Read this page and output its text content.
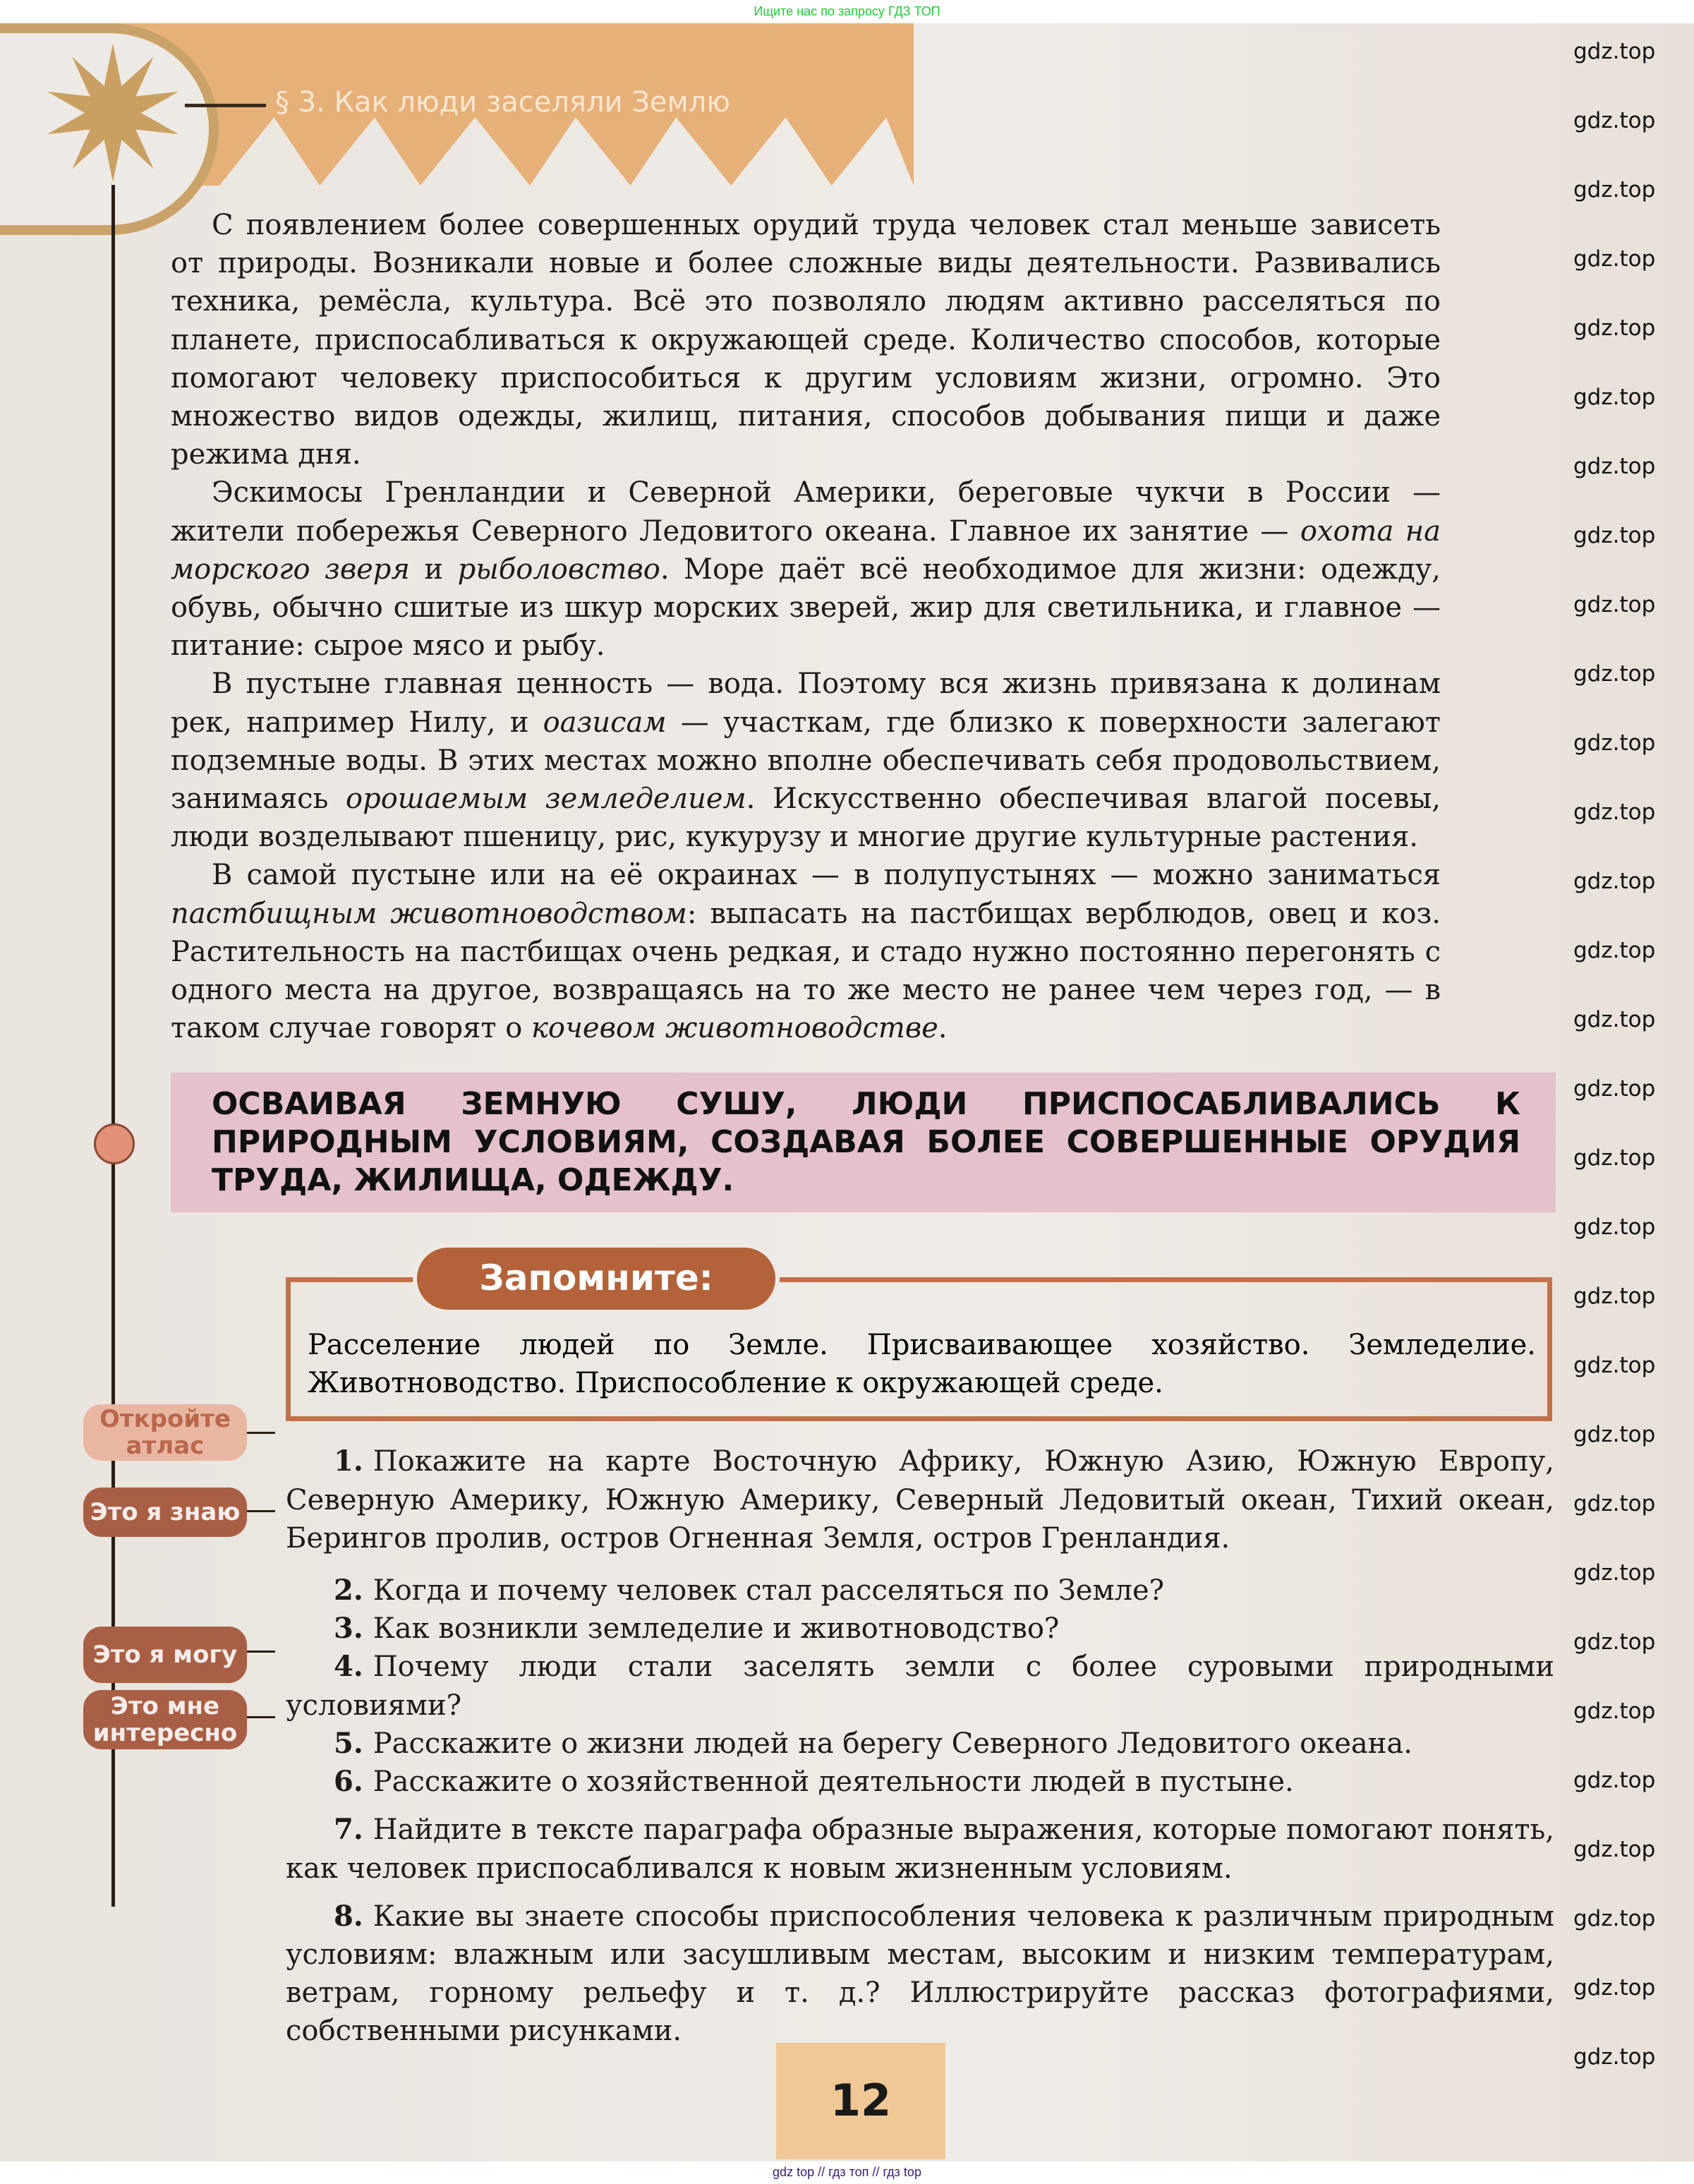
Ищите нас по запросу ГДЗ ТОП
§ 3. Как люди заселяли Землю

С появлением более совершенных орудий труда человек стал меньше зависеть от природы. Возникали новые и более сложные виды деятельности. Развивались техника, ремёсла, культура. Всё это позволяло людям активно расселяться по планете, приспосабливаться к окружающей среде. Количество способов, которые помогают человеку приспособиться к другим условиям жизни, огромно. Это множество видов одежды, жилищ, питания, способов добывания пищи и даже режима дня.

Эскимосы Гренландии и Северной Америки, береговые чукчи в России — жители побережья Северного Ледовитого океана. Главное их занятие — охота на морского зверя и рыболовство. Море даёт всё необходимое для жизни: одежду, обувь, обычно сшитые из шкур морских зверей, жир для светильника, и главное — питание: сырое мясо и рыбу.

В пустыне главная ценность — вода. Поэтому вся жизнь привязана к долинам рек, например Нилу, и оазисам — участкам, где близко к поверхности залегают подземные воды. В этих местах можно вполне обеспечивать себя продовольствием, занимаясь орошаемым земледелием. Искусственно обеспечивая влагой посевы, люди возделывают пшеницу, рис, кукурузу и многие другие культурные растения.

В самой пустыне или на её окраинах — в полупустынях — можно заниматься пастбищным животноводством: выпасать на пастбищах верблюдов, овец и коз. Растительность на пастбищах очень редкая, и стадо нужно постоянно перегонять с одного места на другое, возвращаясь на то же место не ранее чем через год, — в таком случае говорят о кочевом животноводстве.

ОСВАИВАЯ ЗЕМНУЮ СУШУ, ЛЮДИ ПРИСПОСАБЛИВАЛИСЬ К ПРИРОДНЫМ УСЛОВИЯМ, СОЗДАВАЯ БОЛЕЕ СОВЕРШЕННЫЕ ОРУДИЯ ТРУДА, ЖИЛИЩА, ОДЕЖДУ.
Расселение людей по Земле. Присваивающее хозяйство. Земледелие. Животноводство. Приспособление к окружающей среде.
Запомните:

1. Покажите на карте Восточную Африку, Южную Азию, Южную Европу, Северную Америку, Южную Америку, Северный Ледовитый океан, Тихий океан, Берингов пролив, остров Огненная Земля, остров Гренландия.

2. Когда и почему человек стал расселяться по Земле?

3. Как возникли земледелие и животноводство?

4. Почему люди стали заселять земли с более суровыми природными условиями?

5. Расскажите о жизни людей на берегу Северного Ледовитого океана.

6. Расскажите о хозяйственной деятельности людей в пустыне.

7. Найдите в тексте параграфа образные выражения, которые помогают понять, как человек приспосабливался к новым жизненным условиям.

8. Какие вы знаете способы приспособления человека к различным природным условиям: влажным или засушливым местам, высоким и низким температурам, ветрам, горному рельефу и т. д.? Иллюстрируйте рассказ фотографиями, собственными рисунками.

Откройте атлас
Это я знаю
Это я могу
Это мне интересно
12
gdz top // гдз топ // гдз top
gdz.top
gdz.top
gdz.top
gdz.top
gdz.top
gdz.top
gdz.top
gdz.top
gdz.top
gdz.top
gdz.top
gdz.top
gdz.top
gdz.top
gdz.top
gdz.top
gdz.top
gdz.top
gdz.top
gdz.top
gdz.top
gdz.top
gdz.top
gdz.top
gdz.top
gdz.top
gdz.top
gdz.top
gdz.top
gdz.top
